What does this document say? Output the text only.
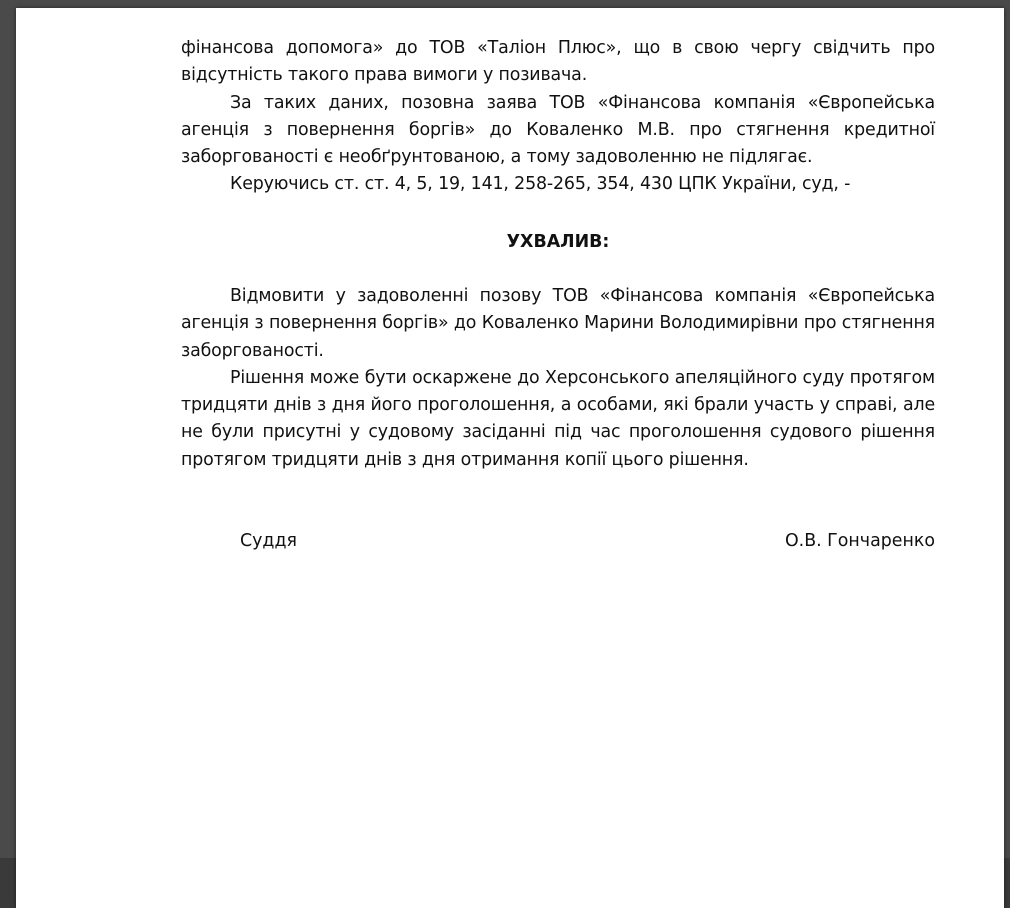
фінансова допомога» до ТОВ «Таліон Плюс», що в свою чергу свідчить про відсутність такого права вимоги у позивача.

За таких даних, позовна заява ТОВ «Фінансова компанія «Європейська агенція з повернення боргів» до Коваленко М.В. про стягнення кредитної заборгованості є необґрунтованою, а тому задоволенню не підлягає.

Керуючись ст. ст. 4, 5, 19, 141, 258-265, 354, 430 ЦПК України, суд, -

УХВАЛИВ:

Відмовити у задоволенні позову ТОВ «Фінансова компанія «Європейська агенція з повернення боргів» до Коваленко Марини Володимирівни про стягнення заборгованості.

Рішення може бути оскаржене до Херсонського апеляційного суду протягом тридцяти днів з дня його проголошення, а особами, які брали участь у справі, але не були присутні у судовому засіданні під час проголошення судового рішення протягом тридцяти днів з дня отримання копії цього рішення.

Суддя	О.В. Гончаренко
